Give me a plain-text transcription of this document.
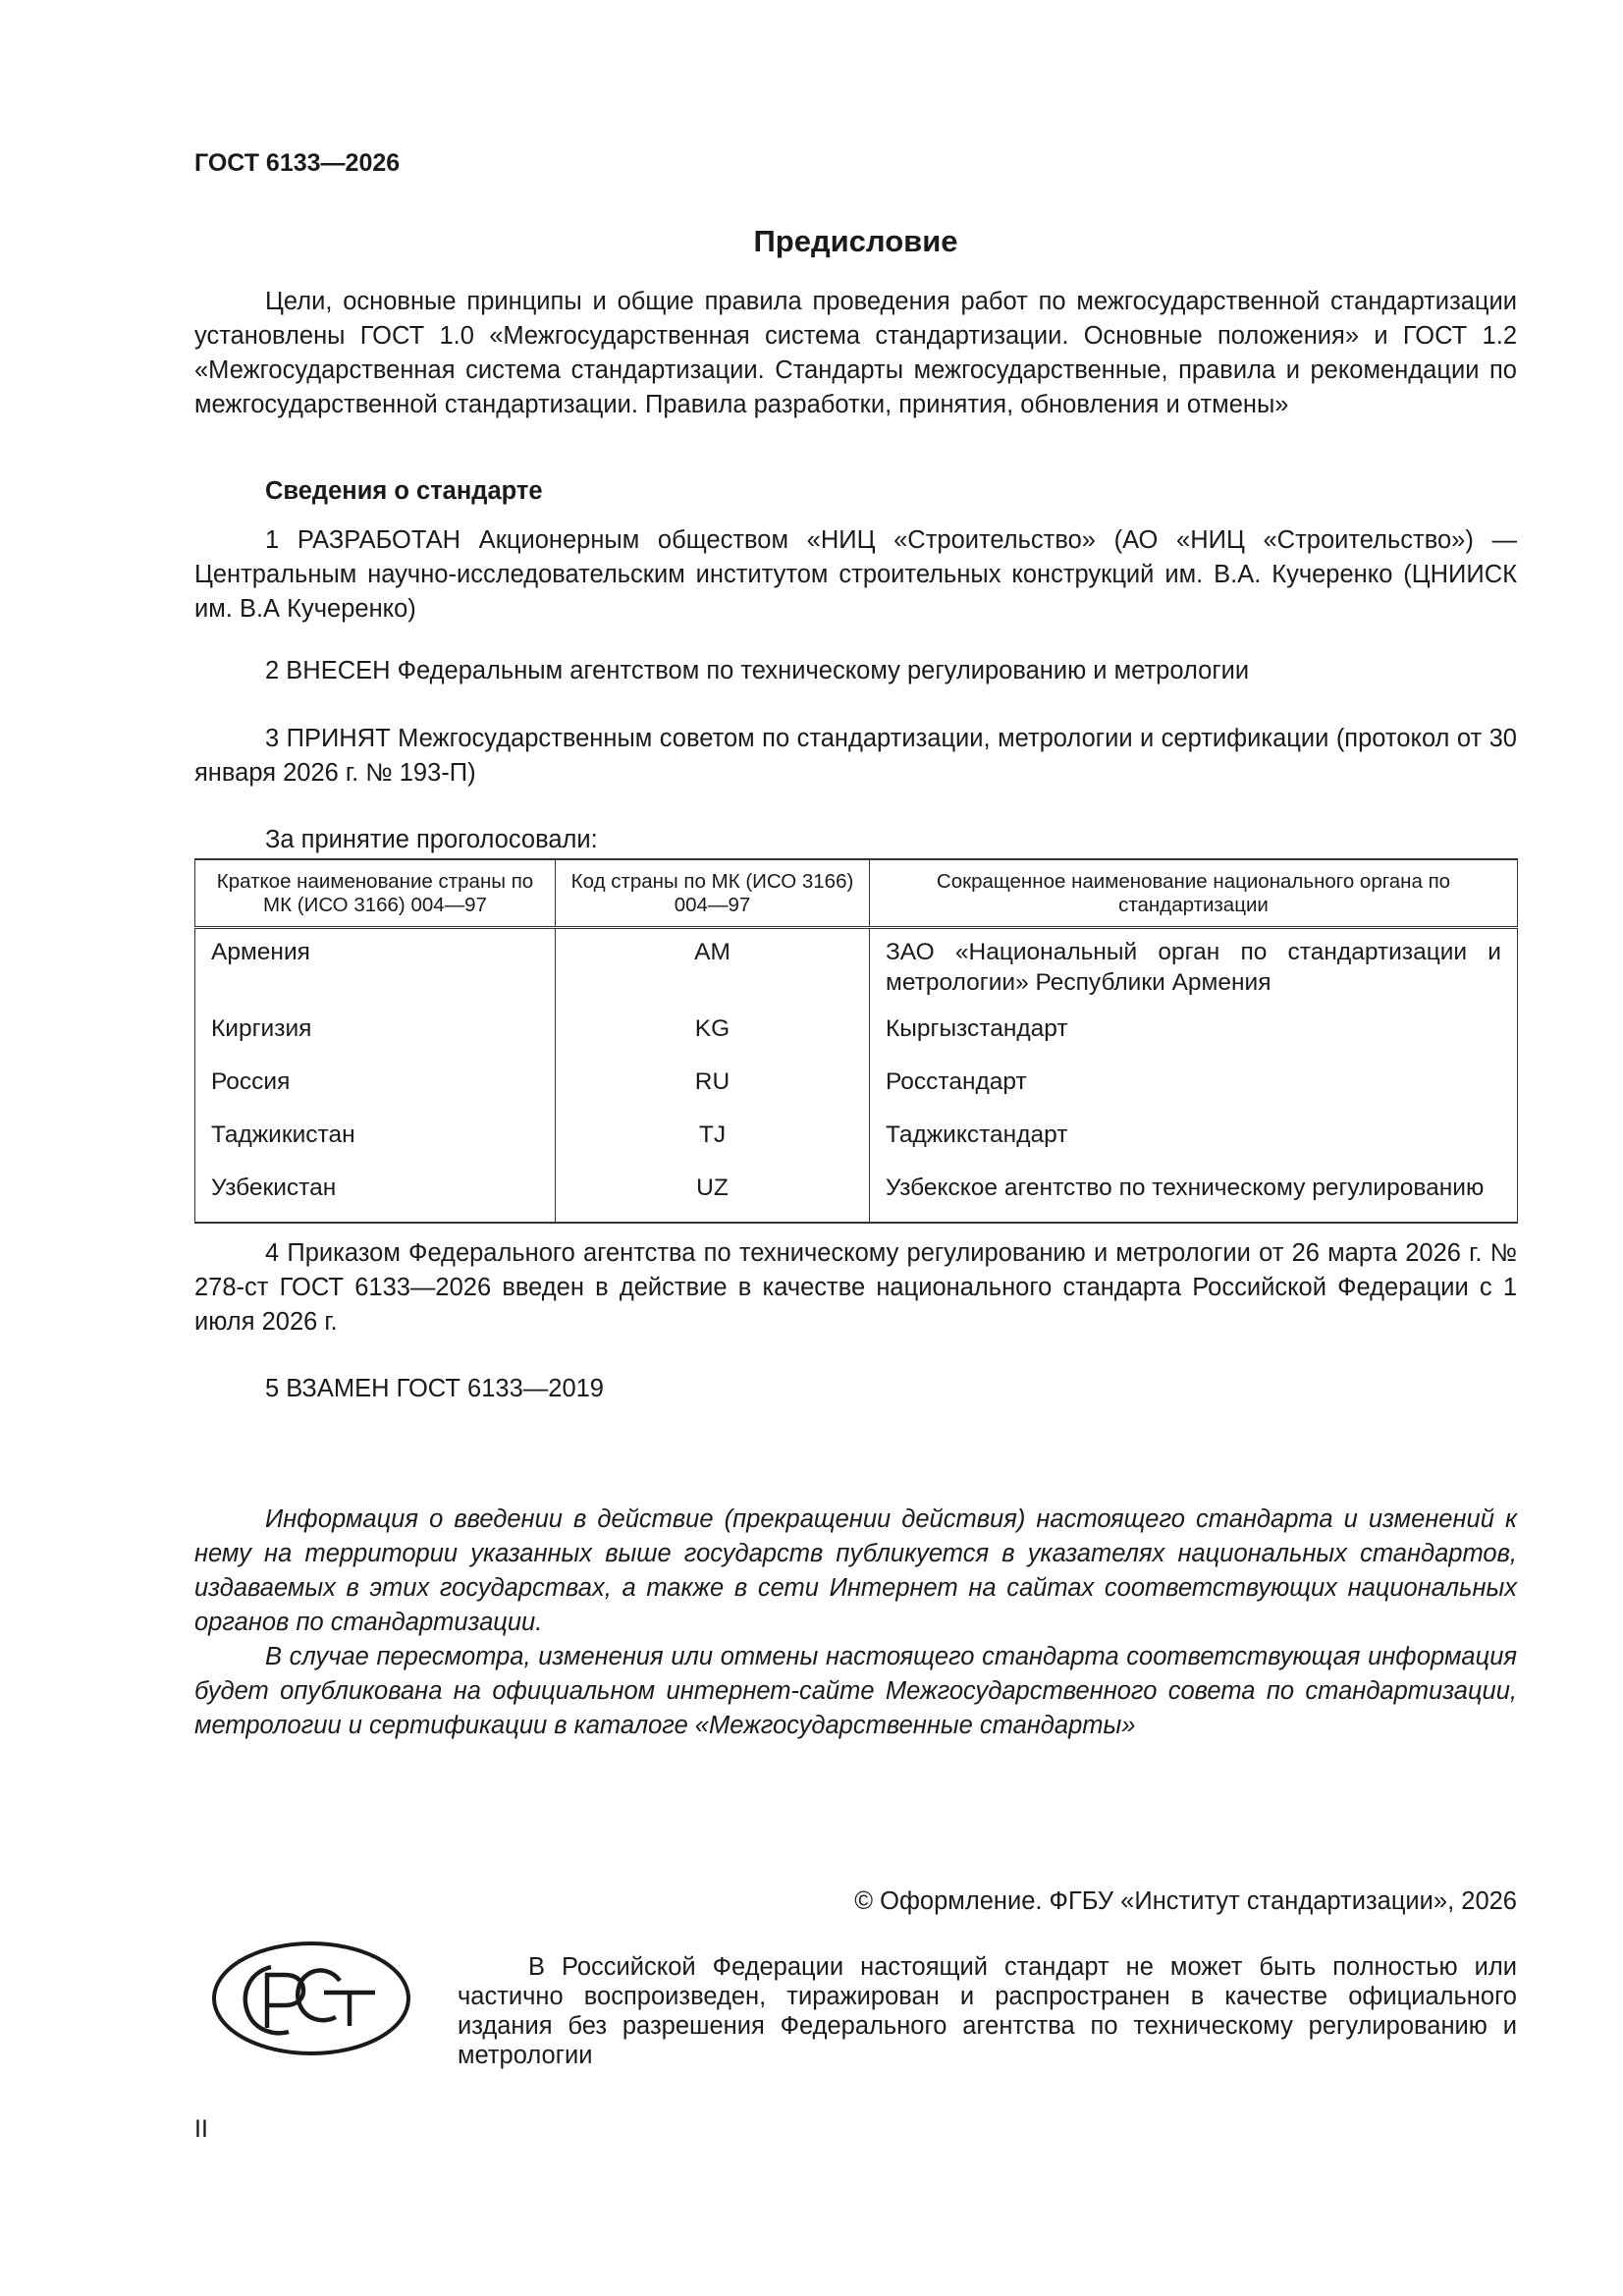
ГОСТ 6133—2026
Предисловие

Цели, основные принципы и общие правила проведения работ по межгосударственной стандартизации установлены ГОСТ 1.0 «Межгосударственная система стандартизации. Основные положения» и ГОСТ 1.2 «Межгосударственная система стандартизации. Стандарты межгосударственные, правила и рекомендации по межгосударственной стандартизации. Правила разработки, принятия, обновления и отмены»

Сведения о стандарте

1 РАЗРАБОТАН Акционерным обществом «НИЦ «Строительство» (АО «НИЦ «Строительство») — Центральным научно-исследовательским институтом строительных конструкций им. В.А. Кучеренко (ЦНИИСК им. В.А Кучеренко)

2 ВНЕСЕН Федеральным агентством по техническому регулированию и метрологии

3 ПРИНЯТ Межгосударственным советом по стандартизации, метрологии и сертификации (протокол от 30 января 2026 г. № 193-П)

За принятие проголосовали:

Краткое наименование страны по МК (ИСО 3166) 004—97	Код страны по МК (ИСО 3166) 004—97	Сокращенное наименование национального органа по стандартизации
Армения	AM	ЗАО «Национальный орган по стандартизации и метрологии» Республики Армения
Киргизия	KG	Кыргызстандарт
Россия	RU	Росстандарт
Таджикистан	TJ	Таджикстандарт
Узбекистан	UZ	Узбекское агентство по техническому регулированию

4 Приказом Федерального агентства по техническому регулированию и метрологии от 26 марта 2026 г. № 278-ст ГОСТ 6133—2026 введен в действие в качестве национального стандарта Российской Федерации с 1 июля 2026 г.

5 ВЗАМЕН ГОСТ 6133—2019

Информация о введении в действие (прекращении действия) настоящего стандарта и изменений к нему на территории указанных выше государств публикуется в указателях национальных стандартов, издаваемых в этих государствах, а также в сети Интернет на сайтах соответствующих национальных органов по стандартизации.

В случае пересмотра, изменения или отмены настоящего стандарта соответствующая информация будет опубликована на официальном интернет-сайте Межгосударственного совета по стандартизации, метрологии и сертификации в каталоге «Межгосударственные стандарты»

© Оформление. ФГБУ «Институт стандартизации», 2026

В Российской Федерации настоящий стандарт не может быть полностью или частично воспроизведен, тиражирован и распространен в качестве официального издания без разрешения Федерального агентства по техническому регулированию и метрологии

II
